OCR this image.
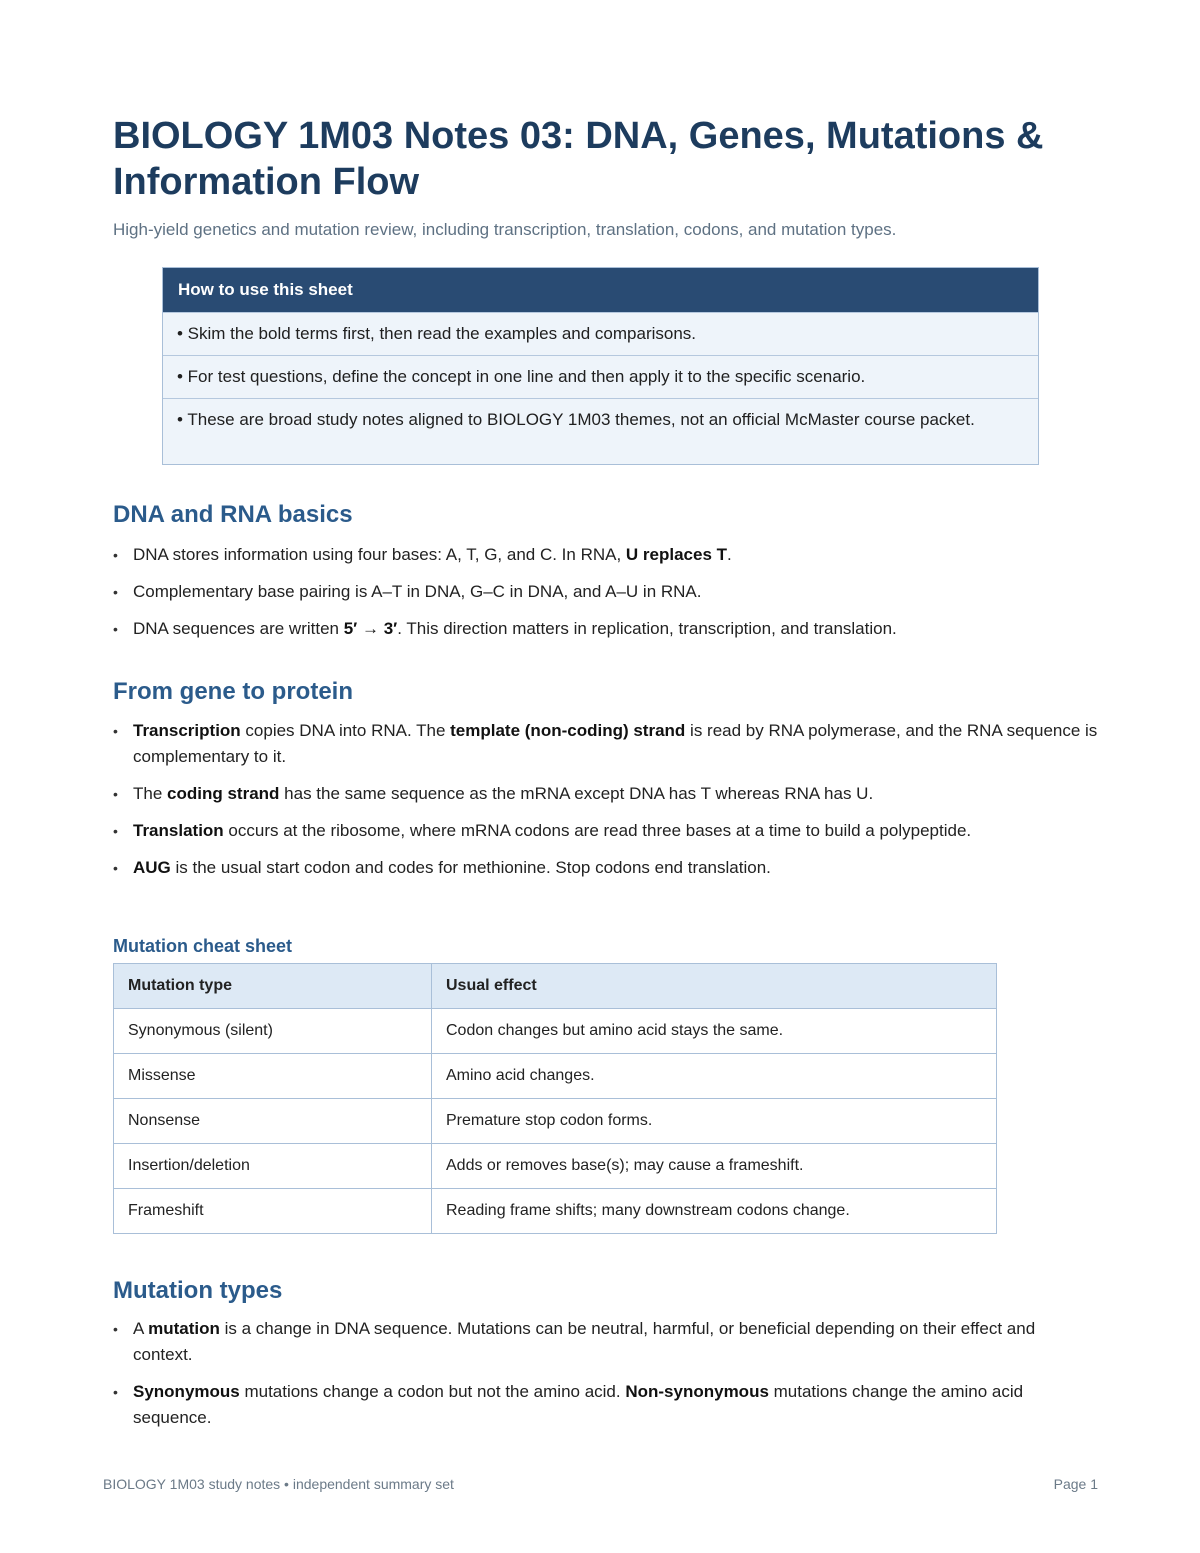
BIOLOGY 1M03 Notes 03: DNA, Genes, Mutations & Information Flow

High-yield genetics and mutation review, including transcription, translation, codons, and mutation types.

How to use this sheet
• Skim the bold terms first, then read the examples and comparisons.
• For test questions, define the concept in one line and then apply it to the specific scenario.
• These are broad study notes aligned to BIOLOGY 1M03 themes, not an official McMaster course packet.
DNA and RNA basics
• DNA stores information using four bases: A, T, G, and C. In RNA, U replaces T.
• Complementary base pairing is A–T in DNA, G–C in DNA, and A–U in RNA.
• DNA sequences are written 5′ → 3′. This direction matters in replication, transcription, and translation.
From gene to protein
• Transcription copies DNA into RNA. The template (non-coding) strand is read by RNA polymerase, and the RNA sequence is complementary to it.
• The coding strand has the same sequence as the mRNA except DNA has T whereas RNA has U.
• Translation occurs at the ribosome, where mRNA codons are read three bases at a time to build a polypeptide.
• AUG is the usual start codon and codes for methionine. Stop codons end translation.
Mutation cheat sheet
Mutation type	Usual effect
Synonymous (silent)	Codon changes but amino acid stays the same.
Missense	Amino acid changes.
Nonsense	Premature stop codon forms.
Insertion/deletion	Adds or removes base(s); may cause a frameshift.
Frameshift	Reading frame shifts; many downstream codons change.
Mutation types
• A mutation is a change in DNA sequence. Mutations can be neutral, harmful, or beneficial depending on their effect and context.
• Synonymous mutations change a codon but not the amino acid. Non-synonymous mutations change the amino acid sequence.
BIOLOGY 1M03 study notes • independent summary set	Page 1
